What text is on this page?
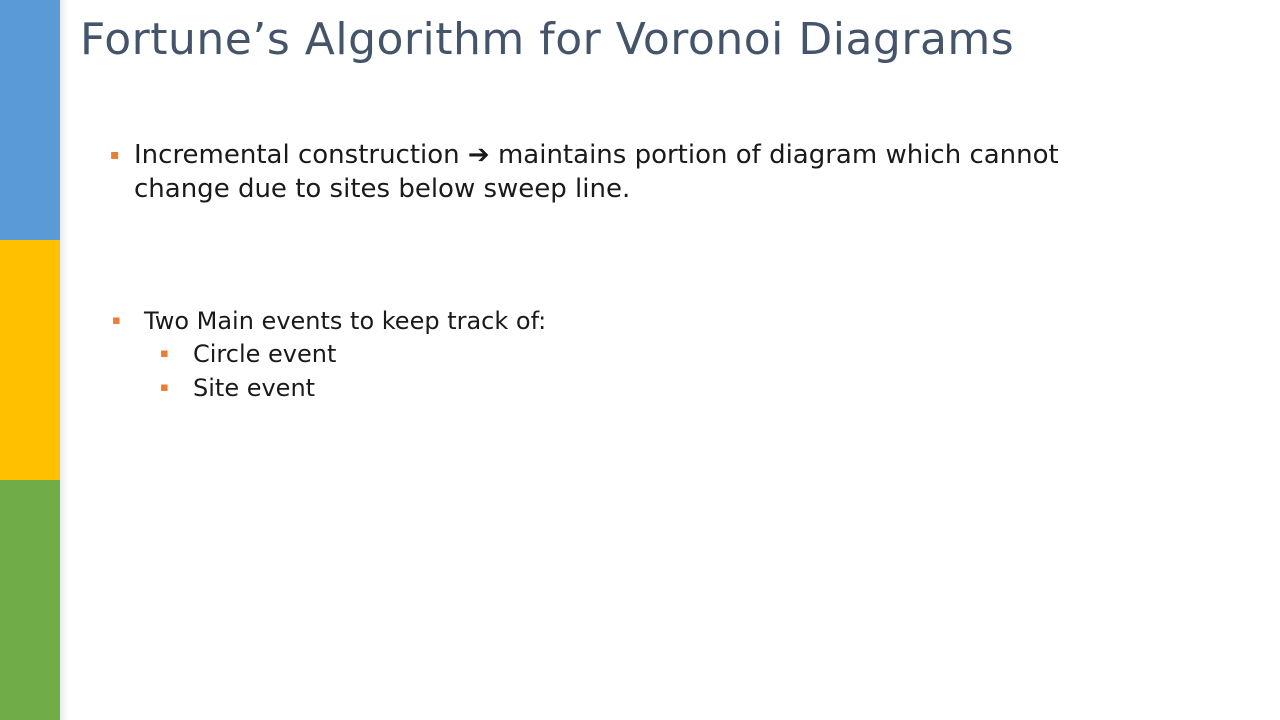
Fortune’s Algorithm for Voronoi Diagrams
▪ Incremental construction ➔ maintains portion of diagram which cannot change due to sites below sweep line.
▪ Two Main events to keep track of:
▪	Circle event
▪	Site event
